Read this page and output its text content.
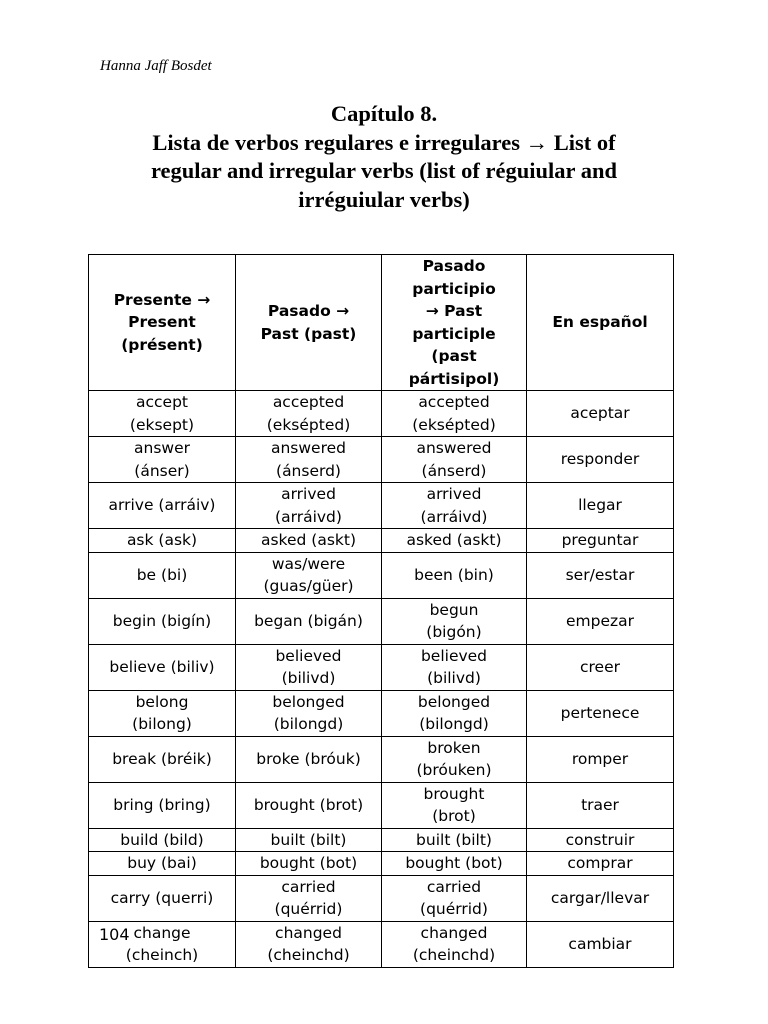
Hanna Jaff Bosdet
Capítulo 8.
Lista de verbos regulares e irregulares → List of
regular and irregular verbs (list of réguiular and
irréguiular verbs)
Presente → Present (présent)	Pasado → Past (past)	Pasado participio → Past participle (past pártisipol)	En español

accept (eksept)	accepted (eksépted)	accepted (eksépted)	aceptar
answer (ánser)	answered (ánserd)	answered (ánserd)	responder
arrive (arráiv)	arrived (arráivd)	arrived (arráivd)	llegar
ask (ask)	asked (askt)	asked (askt)	preguntar
be (bi)	was/were (guas/güer)	been (bin)	ser/estar
begin (bigín)	began (bigán)	begun (bigón)	empezar
believe (biliv)	believed (bilivd)	believed (bilivd)	creer
belong (bilong)	belonged (bilongd)	belonged (bilongd)	pertenece
break (bréik)	broke (bróuk)	broken (bróuken)	romper
bring (bring)	brought (brot)	brought (brot)	traer
build (bild)	built (bilt)	built (bilt)	construir
buy (bai)	bought (bot)	bought (bot)	comprar
carry (querri)	carried (quérrid)	carried (quérrid)	cargar/llevar
change (cheinch)	changed (cheinchd)	changed (cheinchd)	cambiar
104
